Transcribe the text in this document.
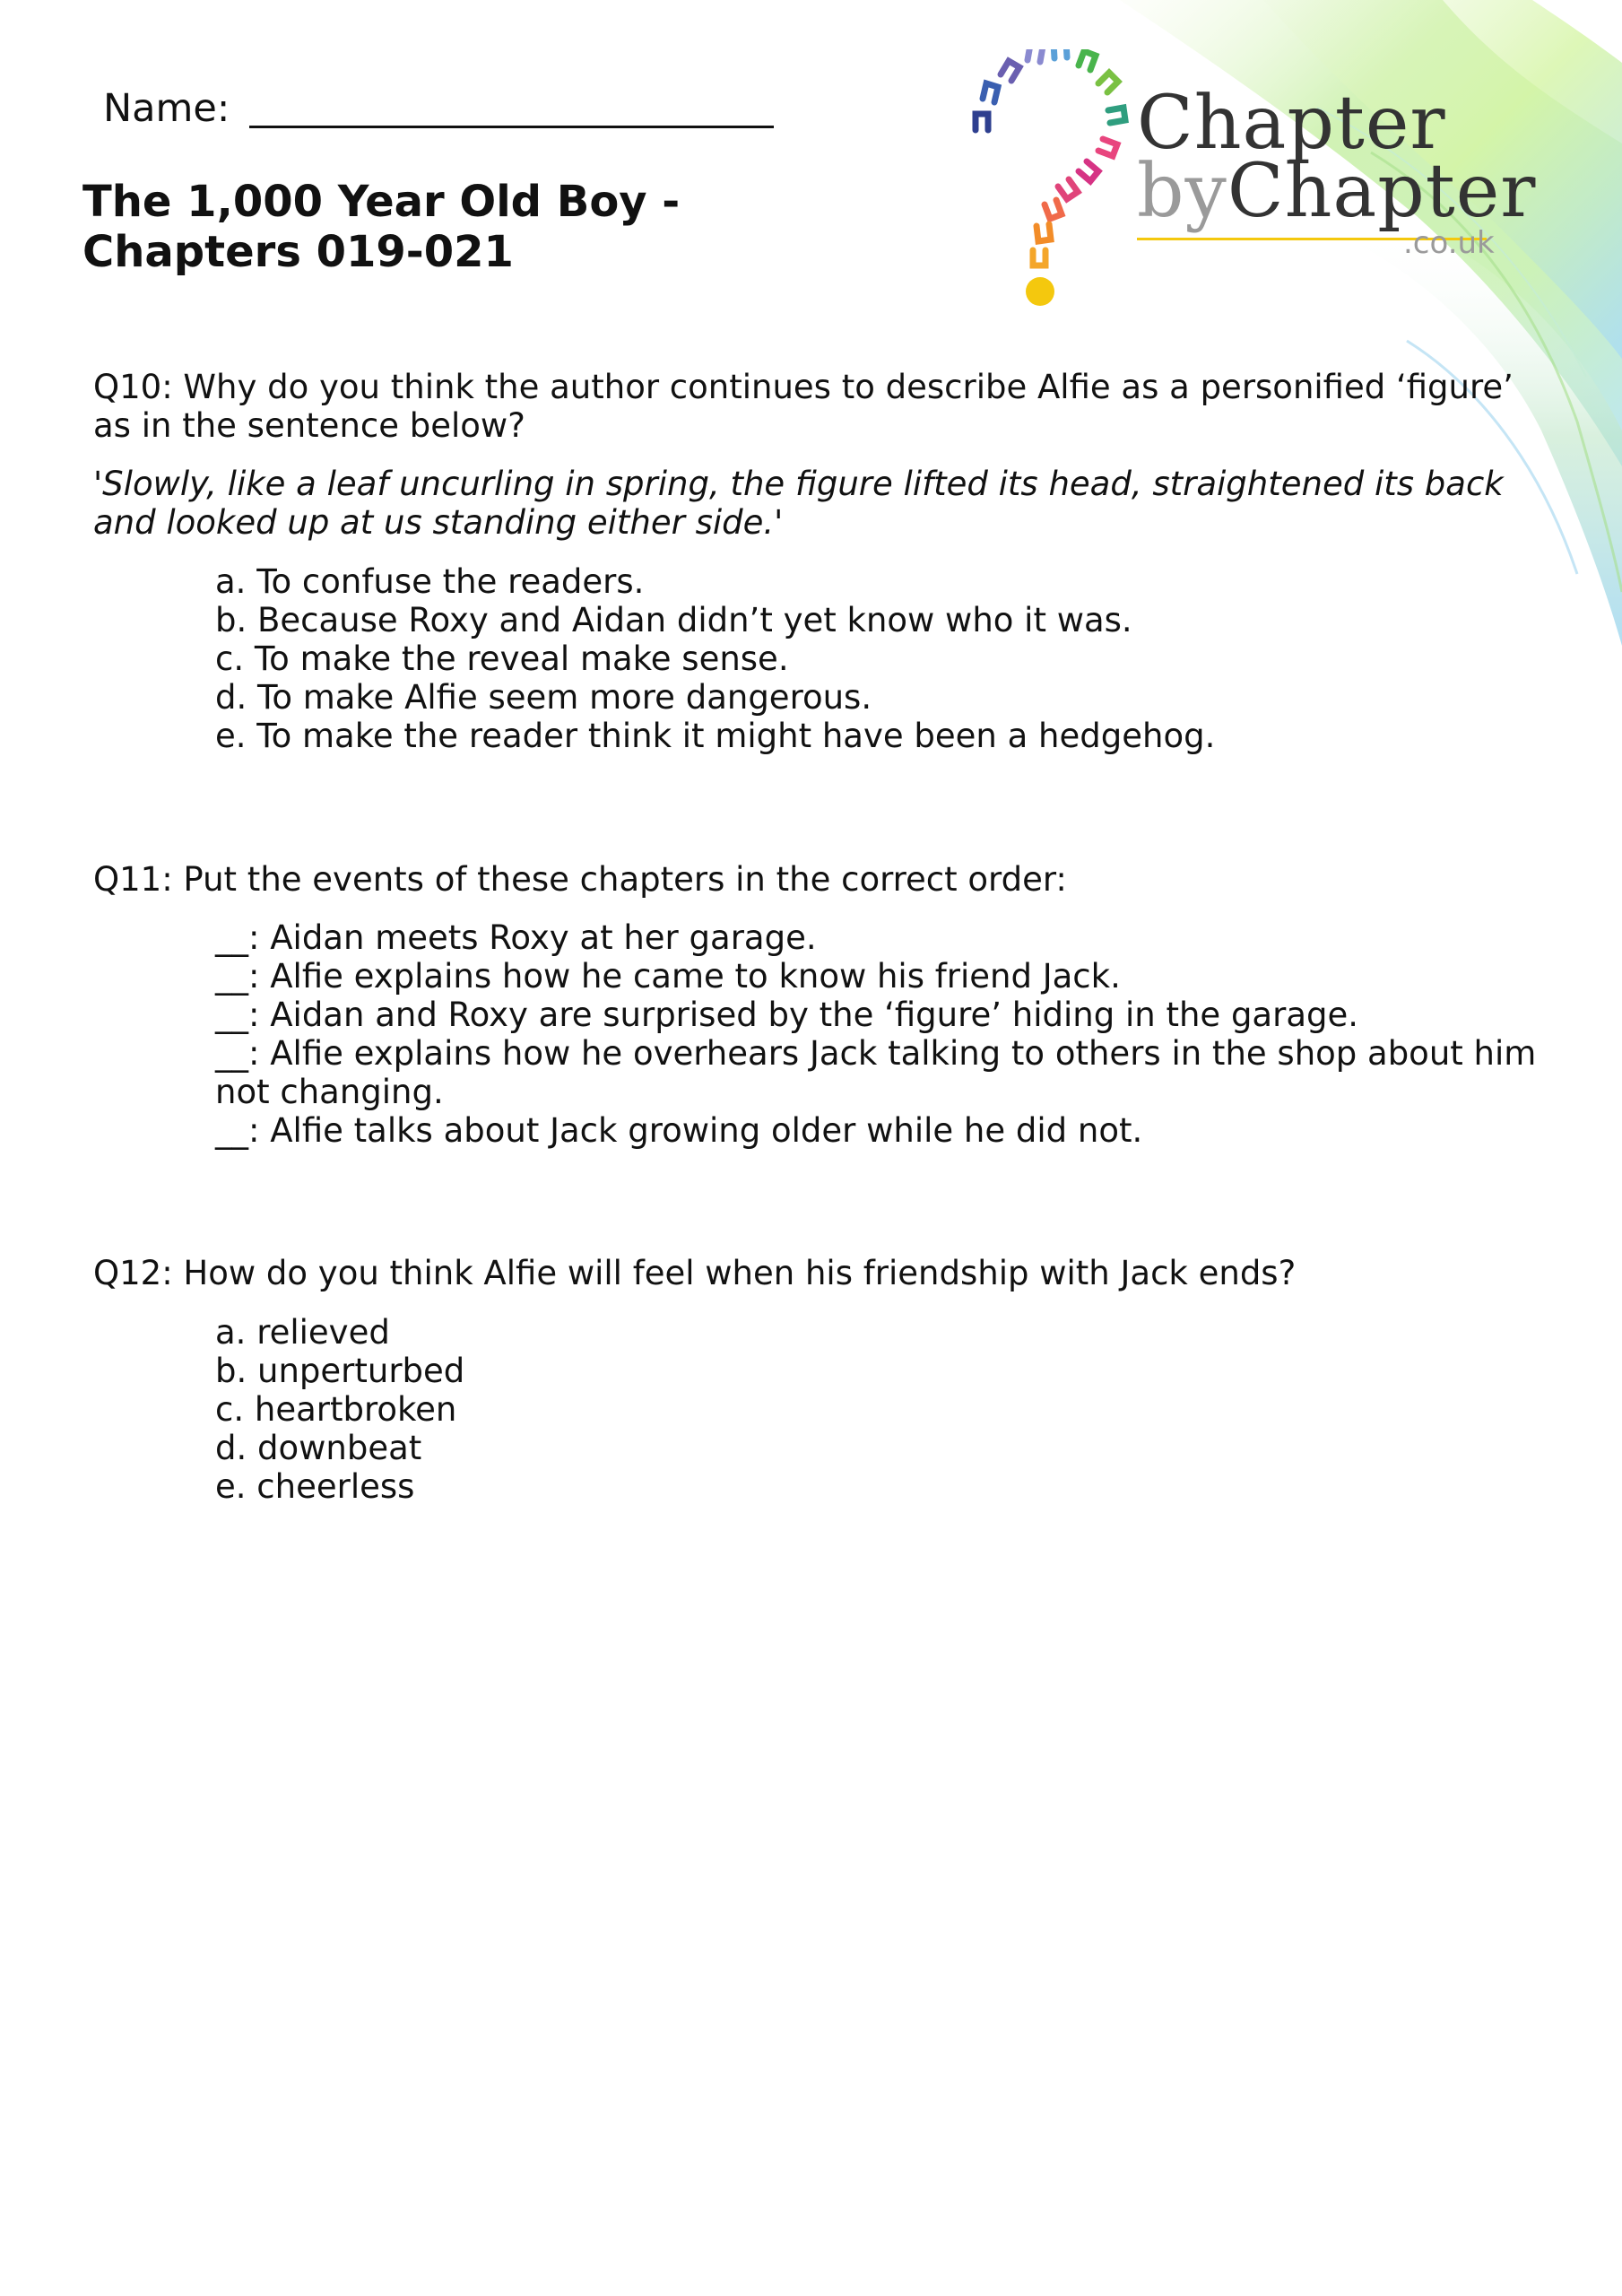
Name:
The 1,000 Year Old Boy -
Chapters 019-021
Chapter
byChapter
.co.uk
Q10: Why do you think the author continues to describe Alfie as a personified ‘figure’
as in the sentence below?
'Slowly, like a leaf uncurling in spring, the figure lifted its head, straightened its back
and looked up at us standing either side.'
a. To confuse the readers.
b. Because Roxy and Aidan didn’t yet know who it was.
c. To make the reveal make sense.
d. To make Alfie seem more dangerous.
e. To make the reader think it might have been a hedgehog.
Q11: Put the events of these chapters in the correct order:
__: Aidan meets Roxy at her garage.
__: Alfie explains how he came to know his friend Jack.
__: Aidan and Roxy are surprised by the ‘figure’ hiding in the garage.
__: Alfie explains how he overhears Jack talking to others in the shop about him
not changing.
__: Alfie talks about Jack growing older while he did not.
Q12: How do you think Alfie will feel when his friendship with Jack ends?
a. relieved
b. unperturbed
c. heartbroken
d. downbeat
e. cheerless
